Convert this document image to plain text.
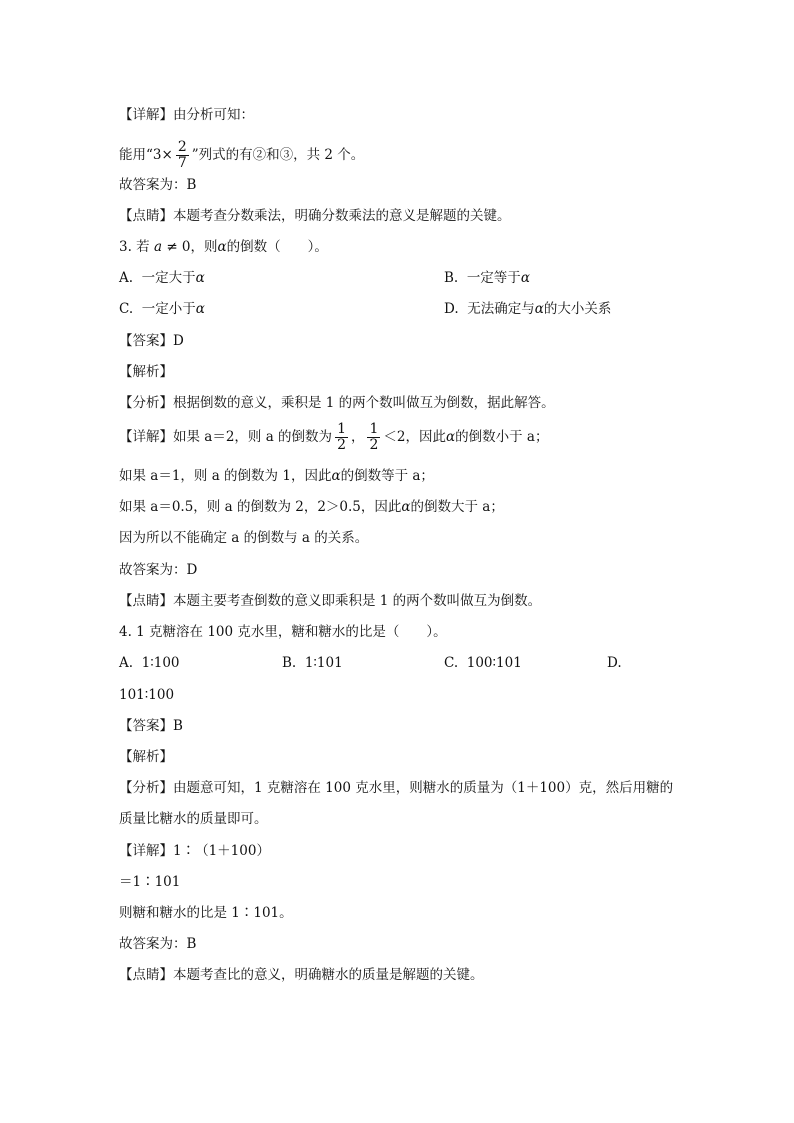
【详解】由分析可知：
能用“$3\times \frac{2}{7}$ ”列式的有②和③，共 2 个。
故答案为：B
【点睛】本题考查分数乘法，明确分数乘法的意义是解题的关键。
3. 若 a ≠ 0，则α的倒数（　　）。
A. 一定大于α	B. 一定等于α
C. 一定小于α	D. 无法确定与α的大小关系
【答案】D
【解析】
【分析】根据倒数的意义，乘积是 1 的两个数叫做互为倒数，据此解答。
【详解】如果 a＝2，则 a 的倒数为 $\frac{1}{2}$ ， $\frac{1}{2} <2$，因此α的倒数小于 a；
如果 a＝1，则 a 的倒数为 1，因此α的倒数等于 a；
如果 a＝0.5，则 a 的倒数为 2，2＞0.5，因此α的倒数大于 a；
因为所以不能确定 a 的倒数与 a 的关系。
故答案为：D
【点睛】本题主要考查倒数的意义即乘积是 1 的两个数叫做互为倒数。
4. 1 克糖溶在 100 克水里，糖和糖水的比是（　　）。
A. 1∶100	B. 1∶101	C. 100∶101	D.
101∶100
【答案】B
【解析】
【分析】由题意可知，1 克糖溶在 100 克水里，则糖水的质量为（1＋100）克，然后用糖的
质量比糖水的质量即可。
【详解】1∶（1＋100）
＝1∶101
则糖和糖水的比是 1∶101。
故答案为：B
【点睛】本题考查比的意义，明确糖水的质量是解题的关键。
